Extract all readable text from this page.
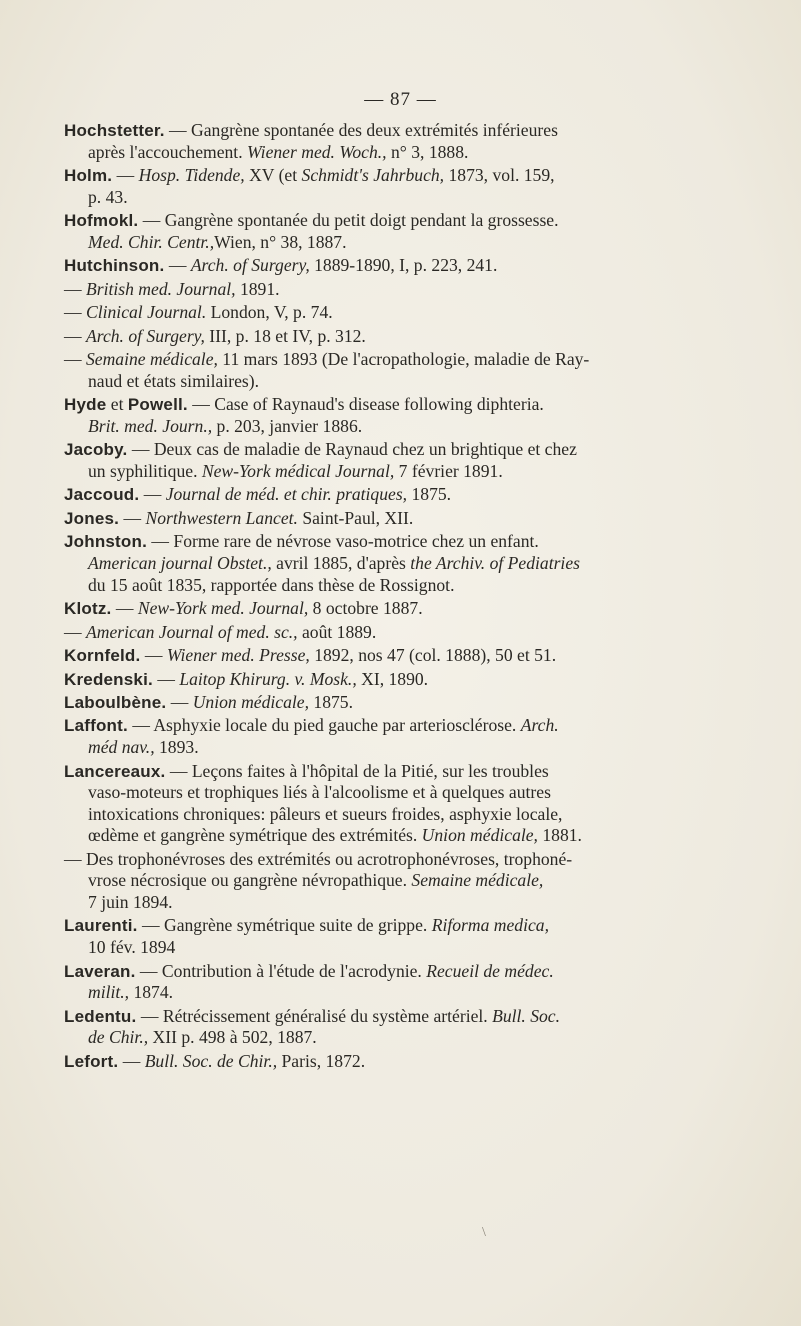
— 87 —
Hochstetter. — Gangrène spontanée des deux extrémités inférieures
après l'accouchement. Wiener med. Woch., n° 3, 1888.
Holm. — Hosp. Tidende, XV (et Schmidt's Jahrbuch, 1873, vol. 159,
p. 43.
Hofmokl. — Gangrène spontanée du petit doigt pendant la grossesse.
Med. Chir. Centr.,Wien, n° 38, 1887.
Hutchinson. — Arch. of Surgery, 1889-1890, I, p. 223, 241.
— British med. Journal, 1891.
— Clinical Journal. London, V, p. 74.
— Arch. of Surgery, III, p. 18 et IV, p. 312.
— Semaine médicale, 11 mars 1893 (De l'acropathologie, maladie de Ray-
naud et états similaires).
Hyde et Powell. — Case of Raynaud's disease following diphteria.
Brit. med. Journ., p. 203, janvier 1886.
Jacoby. — Deux cas de maladie de Raynaud chez un brightique et chez
un syphilitique. New-York médical Journal, 7 février 1891.
Jaccoud. — Journal de méd. et chir. pratiques, 1875.
Jones. — Northwestern Lancet. Saint-Paul, XII.
Johnston. — Forme rare de névrose vaso-motrice chez un enfant.
American journal Obstet., avril 1885, d'après the Archiv. of Pediatries
du 15 août 1835, rapportée dans thèse de Rossignot.
Klotz. — New-York med. Journal, 8 octobre 1887.
— American Journal of med. sc., août 1889.
Kornfeld. — Wiener med. Presse, 1892, nos 47 (col. 1888), 50 et 51.
Kredenski. — Laitop Khirurg. v. Mosk., XI, 1890.
Laboulbène. — Union médicale, 1875.
Laffont. — Asphyxie locale du pied gauche par arteriosclérose. Arch.
méd nav., 1893.
Lancereaux. — Leçons faites à l'hôpital de la Pitié, sur les troubles
vaso-moteurs et trophiques liés à l'alcoolisme et à quelques autres
intoxications chroniques: pâleurs et sueurs froides, asphyxie locale,
œdème et gangrène symétrique des extrémités. Union médicale, 1881.
— Des trophonévroses des extrémités ou acrotrophonévroses, trophoné-
vrose nécrosique ou gangrène névropathique. Semaine médicale,
7 juin 1894.
Laurenti. — Gangrène symétrique suite de grippe. Riforma medica,
10 fév. 1894
Laveran. — Contribution à l'étude de l'acrodynie. Recueil de médec.
milit., 1874.
Ledentu. — Rétrécissement généralisé du système artériel. Bull. Soc.
de Chir., XII p. 498 à 502, 1887.
Lefort. — Bull. Soc. de Chir., Paris, 1872.
\
